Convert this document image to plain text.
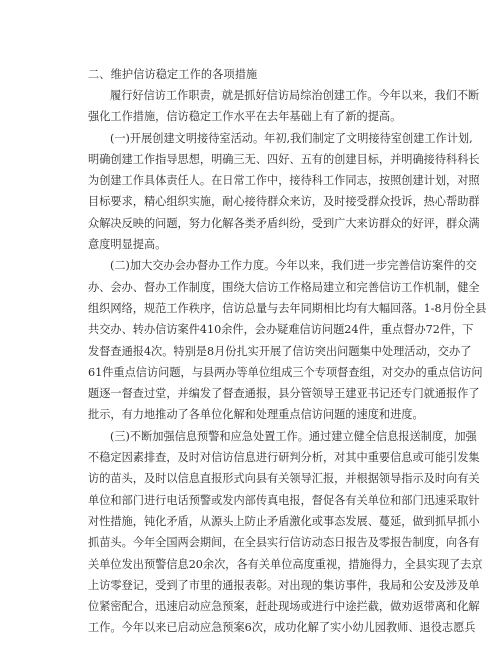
二、维护信访稳定工作的各项措施

履行好信访工作职责，就是抓好信访局综治创建工作。今年以来，我们不断
强化工作措施，信访稳定工作水平在去年基础上有了新的提高。
(一)开展创建文明接待室活动。年初,我们制定了文明接待室创建工作计划,
明确创建工作指导思想，明确三无、四好、五有的创建目标，并明确接待科科长
为创建工作具体责任人。在日常工作中，接待科工作同志，按照创建计划，对照
目标要求，精心组织实施，耐心接待群众来访，及时接受群众投诉，热心帮助群
众解决反映的问题，努力化解各类矛盾纠纷，受到广大来访群众的好评，群众满
意度明显提高。
(二)加大交办会办督办工作力度。今年以来，我们进一步完善信访案件的交
办、会办、督办工作制度，围绕大信访工作格局建立和完善信访工作机制，健全
组织网络，规范工作秩序，信访总量与去年同期相比均有大幅回落。1-8月份全县
共交办、转办信访案件410余件，会办疑难信访问题24件，重点督办72件，下
发督查通报4次。特别是8月份扎实开展了信访突出问题集中处理活动，交办了
61件重点信访问题，与县两办等单位组成三个专项督查组，对交办的重点信访问
题逐一督查过堂，并编发了督查通报，县分管领导王建亚书记还专门就通报作了
批示，有力地推动了各单位化解和处理重点信访问题的速度和进度。
(三)不断加强信息预警和应急处置工作。通过建立健全信息报送制度，加强
不稳定因素排查，及时对信访信息进行研判分析，对其中重要信息或可能引发集
访的苗头，及时以信息直报形式向县有关领导汇报，并根据领导指示及时向有关
单位和部门进行电话预警或发内部传真电报，督促各有关单位和部门迅速采取针
对性措施，钝化矛盾，从源头上防止矛盾激化或事态发展、蔓延，做到抓早抓小
抓苗头。今年全国两会期间，在全县实行信访动态日报告及零报告制度，向各有
关单位发出预警信息20余次，各有关单位高度重视，措施得力，全县实现了去京
上访零登记，受到了市里的通报表彰。对出现的集访事件，我局和公安及涉及单
位紧密配合，迅速启动应急预案，赶赴现场或进行中途拦截，做劝返带离和化解
工作。今年以来已启动应急预案6次，成功化解了实小幼儿园教师、退役志愿兵
